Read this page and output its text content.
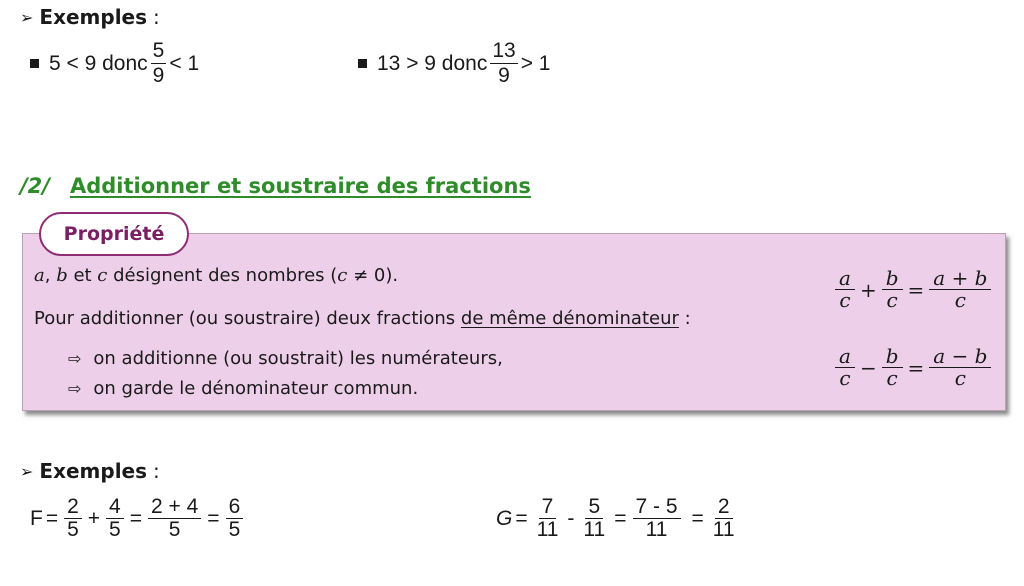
➢ Exemples :
5 < 9 donc $\frac{5}{9} < 1$	13 > 9 donc $\frac{13}{9} > 1$
/2/ Additionner et soustraire des fractions
Propriété
a , b et c désignent des nombres ( c ≠ 0).
Pour additionner (ou soustraire) deux fractions de même dénominateur :
⇨ on additionne (ou soustrait) les numérateurs,
⇨ on garde le dénominateur commun.
$\frac{a}{c} + \frac{b}{c} = \frac{a + b}{c}$
$\frac{a}{c} - \frac{b}{c} = \frac{a - b}{c}$
➢ Exemples :
$F = \frac{2}{5} + \frac{4}{5} = \frac{2 + 4}{5} = \frac{6}{5}$	$G = \frac{7}{11} - \frac{5}{11} = \frac{7 - 5}{11} = \frac{2}{11}$
